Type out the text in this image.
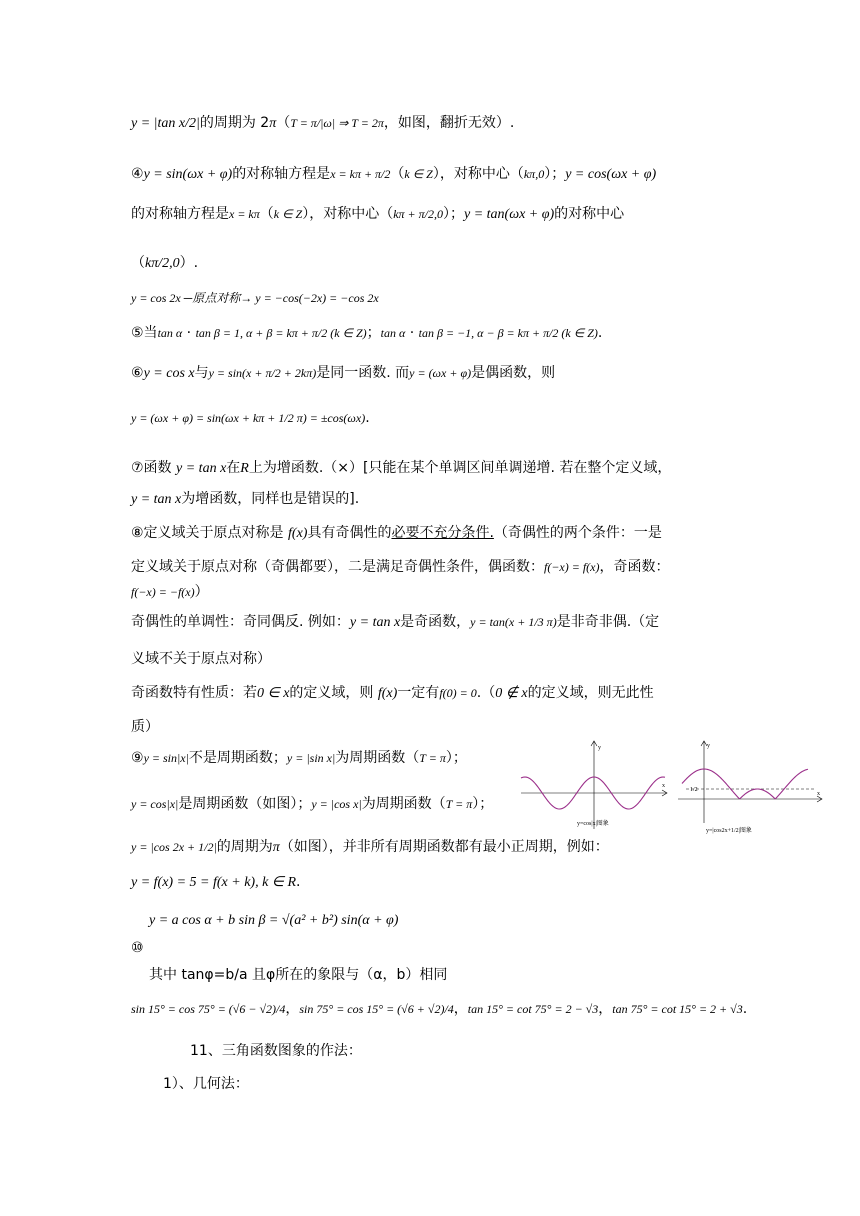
y = |tan x/2|的周期为 2π（T = π/|ω| ⇒ T = 2π，如图，翻折无效）.
④y = sin(ωx + φ)的对称轴方程是x = kπ + π/2（k ∈ Z），对称中心（kπ,0）；y = cos(ωx + φ)
的对称轴方程是x = kπ（k ∈ Z），对称中心（kπ + π/2,0）；y = tan(ωx + φ)的对称中心
（kπ/2,0）.
y = cos 2x ─原点对称→ y = −cos(−2x) = −cos 2x
⑤当tan α · tan β = 1, α + β = kπ + π/2 (k ∈ Z)；tan α · tan β = −1, α − β = kπ + π/2 (k ∈ Z).
⑥y = cos x与y = sin(x + π/2 + 2kπ)是同一函数. 而y = (ωx + φ)是偶函数，则
y = (ωx + φ) = sin(ωx + kπ + 1/2 π) = ±cos(ωx).
⑦函数 y = tan x在R上为增函数.（×）[只能在某个单调区间单调递增. 若在整个定义域，
y = tan x为增函数，同样也是错误的].
⑧定义域关于原点对称是 f(x)具有奇偶性的必要不充分条件.（奇偶性的两个条件：一是
定义域关于原点对称（奇偶都要），二是满足奇偶性条件，偶函数：f(−x) = f(x)，奇函数：
f(−x) = −f(x)）
奇偶性的单调性：奇同偶反. 例如：y = tan x是奇函数，y = tan(x + 1/3 π)是非奇非偶.（定
义域不关于原点对称）
奇函数特有性质：若0 ∈ x的定义域，则 f(x)一定有f(0) = 0.（0 ∉ x的定义域，则无此性
质）
⑨y = sin|x|不是周期函数；y = |sin x|为周期函数（T = π）；
y = cos|x|是周期函数（如图）；y = |cos x|为周期函数（T = π）；
y = |cos 2x + 1/2|的周期为π（如图），并非所有周期函数都有最小正周期，例如：
y = f(x) = 5 = f(x + k), k ∈ R.
y = a cos α + b sin β = √(a² + b²) sin(α + φ)
⑩
其中 tanφ=b/a 且φ所在的象限与（α，b）相同
sin 15° = cos 75° = (√6 − √2)/4，sin 75° = cos 15° = (√6 + √2)/4，tan 15° = cot 75° = 2 − √3，tan 75° = cot 15° = 2 + √3.
11、三角函数图象的作法：
1）、几何法：
y
x
y=cos|x|图象
1/2
y
x
y=|cos2x+1/2|图象
